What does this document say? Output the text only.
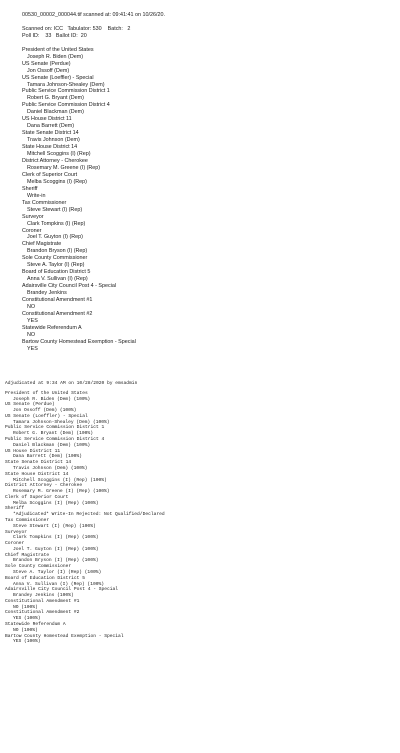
00530_00002_000044.tif scanned at: 09:41:41 on 10/26/20.
Scanned on: ICC   Tabulator: 530    Batch:   2
Poll ID:    33   Ballot ID:  20
President of the United States
Joseph R. Biden (Dem)
US Senate (Perdue)
Jon Ossoff (Dem)
US Senate (Loeffler) - Special
Tamara Johnson-Shealey (Dem)
Public Service Commission District 1
Robert G. Bryant (Dem)
Public Service Commission District 4
Daniel Blackman (Dem)
US House District 11
Dana Barrett (Dem)
State Senate District 14
Travis Johnson (Dem)
State House District 14
Mitchell Scoggins (I) (Rep)
District Attorney - Cherokee
Rosemary M. Greene (I) (Rep)
Clerk of Superior Court
Melba Scoggins (I) (Rep)
Sheriff
Write-in
Tax Commissioner
Steve Stewart (I) (Rep)
Surveyor
Clark Tompkins (I) (Rep)
Coroner
Joel T. Guyton (I) (Rep)
Chief Magistrate
Brandon Bryson (I) (Rep)
Sole County Commissioner
Steve A. Taylor (I) (Rep)
Board of Education District 5
Anna V. Sullivan (I) (Rep)
Adairsville City Council Post 4 - Special
Brandey Jenkins
Constitutional Amendment #1
NO
Constitutional Amendment #2
YES
Statewide Referendum A
NO
Bartow County Homestead Exemption - Special
YES
Adjudicated at 9:34 AM on 10/28/2020 by emsadmin
President of the United States
Joseph R. Biden (Dem) (100%)
US Senate (Perdue)
Jon Ossoff (Dem) (100%)
US Senate (Loeffler) - Special
Tamara Johnson-Shealey (Dem) (100%)
Public Service Commission District 1
Robert G. Bryant (Dem) (100%)
Public Service Commission District 4
Daniel Blackman (Dem) (100%)
US House District 11
Dana Barrett (Dem) (100%)
State Senate District 14
Travis Johnson (Dem) (100%)
State House District 14
Mitchell Scoggins (I) (Rep) (100%)
District Attorney - Cherokee
Rosemary M. Greene (I) (Rep) (100%)
Clerk of Superior Court
Melba Scoggins (I) (Rep) (100%)
Sheriff
*Adjudicated* Write-In Rejected: Not Qualified/Declared
Tax Commissioner
Steve Stewart (I) (Rep) (100%)
Surveyor
Clark Tompkins (I) (Rep) (100%)
Coroner
Joel T. Guyton (I) (Rep) (100%)
Chief Magistrate
Brandon Bryson (I) (Rep) (100%)
Sole County Commissioner
Steve A. Taylor (I) (Rep) (100%)
Board of Education District 5
Anna V. Sullivan (I) (Rep) (100%)
Adairsville City Council Post 4 - Special
Brandey Jenkins (100%)
Constitutional Amendment #1
NO (100%)
Constitutional Amendment #2
YES (100%)
Statewide Referendum A
NO (100%)
Bartow County Homestead Exemption - Special
YES (100%)
